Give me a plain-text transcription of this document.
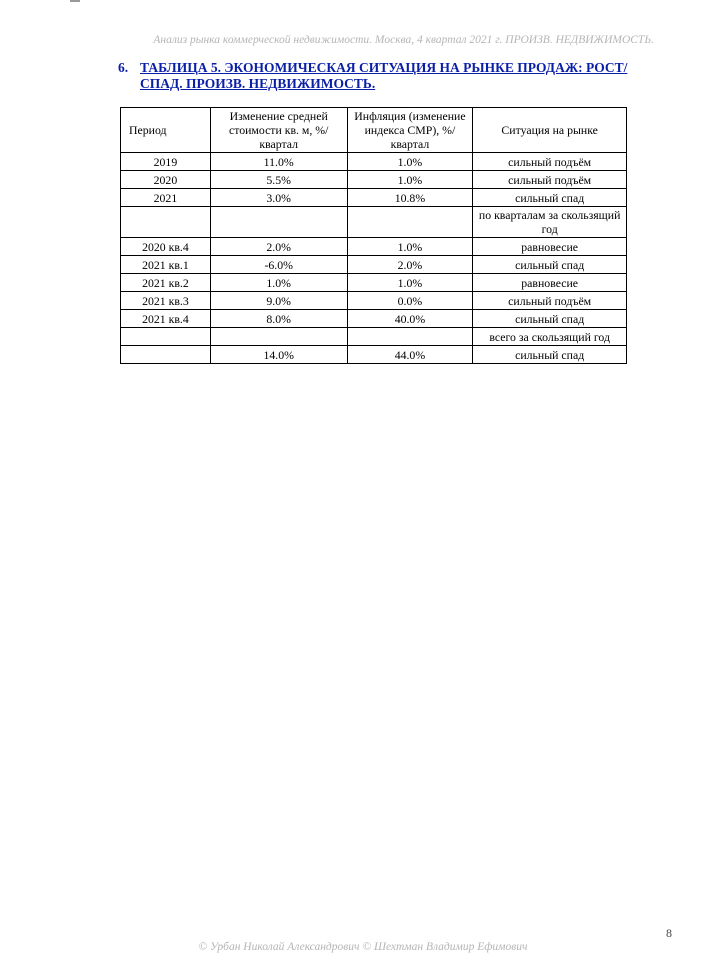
Анализ рынка коммерческой недвижимости. Москва, 4 квартал 2021 г. ПРОИЗВ. НЕДВИЖИМОСТЬ.
6. ТАБЛИЦА 5. ЭКОНОМИЧЕСКАЯ СИТУАЦИЯ НА РЫНКЕ ПРОДАЖ: РОСТ/СПАД. ПРОИЗВ. НЕДВИЖИМОСТЬ.
Период	Изменение средней стоимости кв. м, %/квартал	Инфляция (изменение индекса СМР), %/квартал	Ситуация на рынке
2019	11.0%	1.0%	сильный подъём
2020	5.5%	1.0%	сильный подъём
2021	3.0%	10.8%	сильный спад
			по кварталам за скользящий год
2020 кв.4	2.0%	1.0%	равновесие
2021 кв.1	-6.0%	2.0%	сильный спад
2021 кв.2	1.0%	1.0%	равновесие
2021 кв.3	9.0%	0.0%	сильный подъём
2021 кв.4	8.0%	40.0%	сильный спад
			всего за скользящий год
	14.0%	44.0%	сильный спад
8
© Урбан Николай Александрович © Шехтман Владимир Ефимович
